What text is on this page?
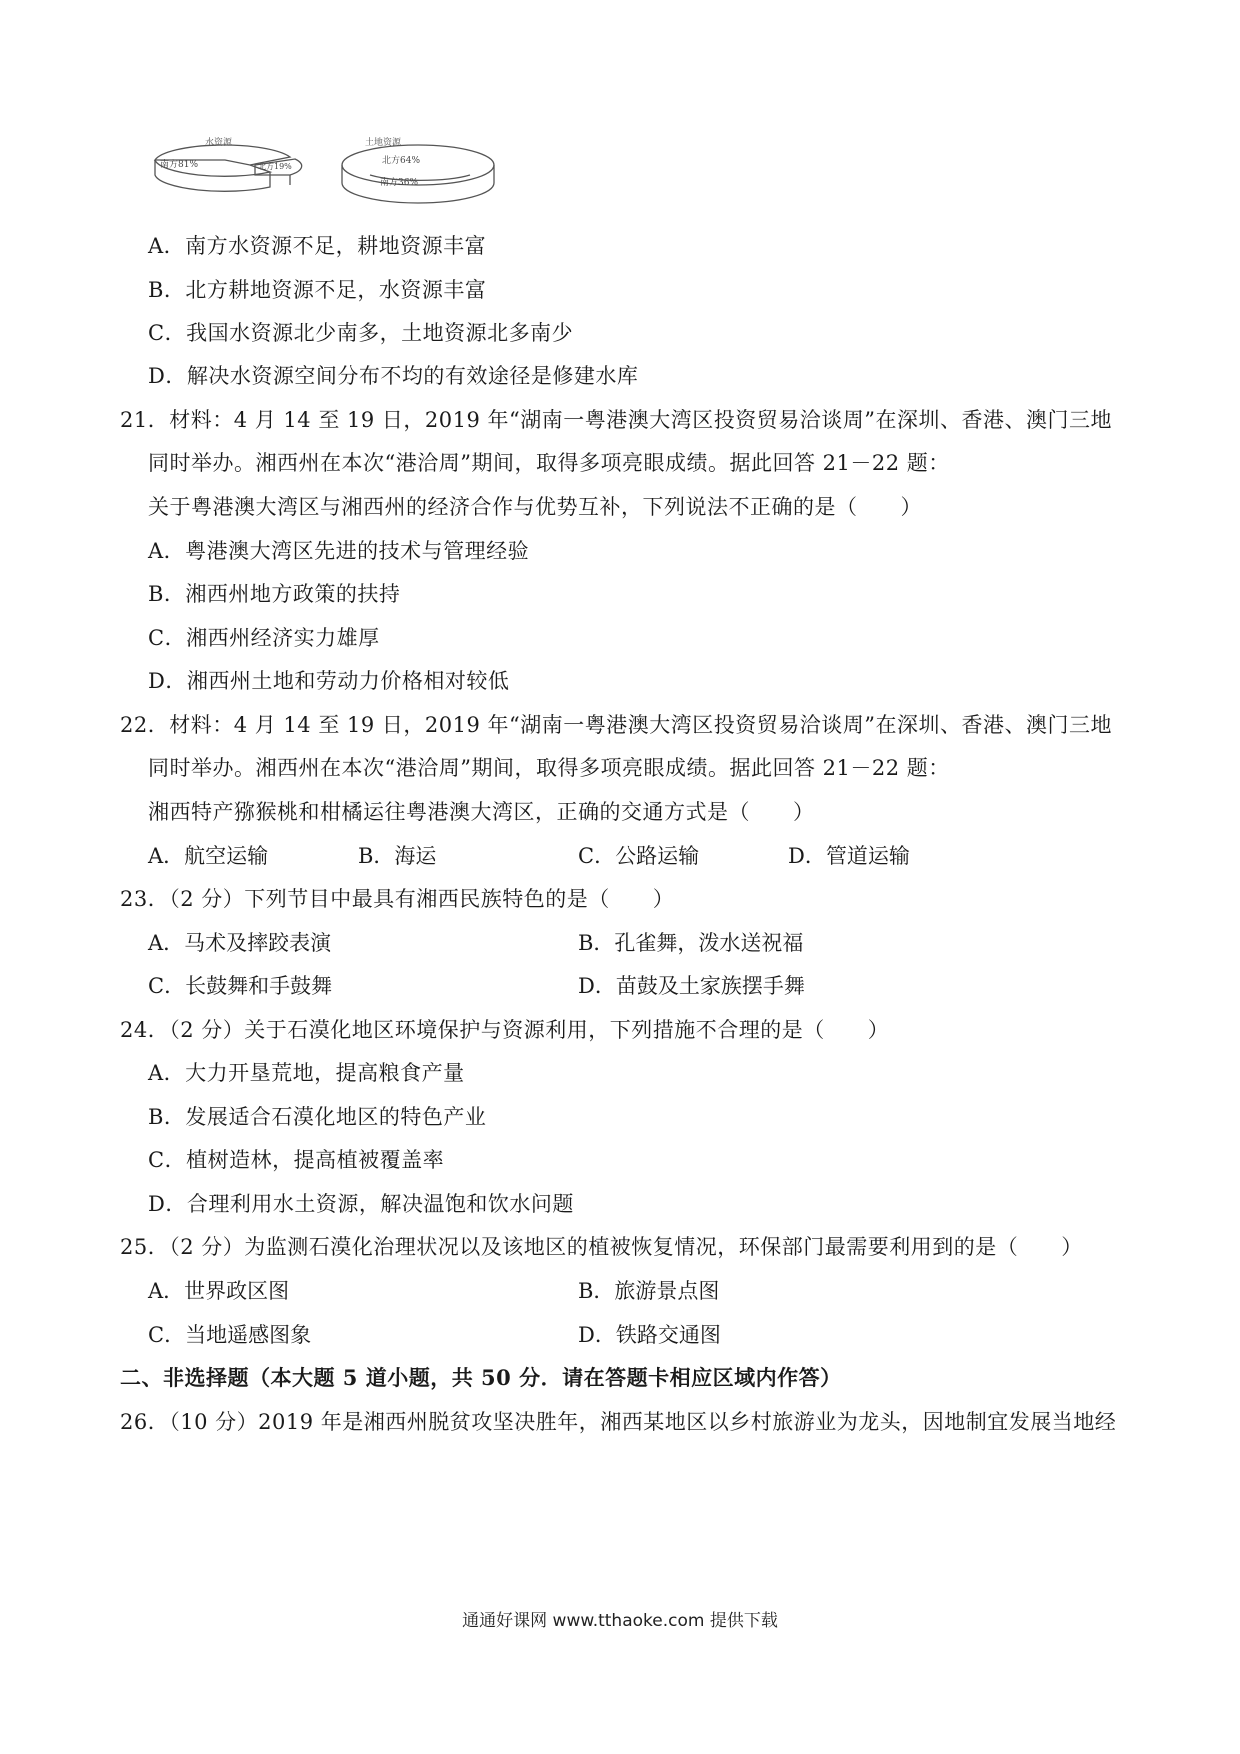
水资源
南方81%	北方19%
土地资源
北方64%
南方36%
A．南方水资源不足，耕地资源丰富
B．北方耕地资源不足，水资源丰富
C．我国水资源北少南多，土地资源北多南少
D．解决水资源空间分布不均的有效途径是修建水库
21．材料：4 月 14 至 19 日，2019 年“湖南一粤港澳大湾区投资贸易洽谈周”在深圳、香港、澳门三地
同时举办。湘西州在本次“港洽周”期间，取得多项亮眼成绩。据此回答 21－22 题：
关于粤港澳大湾区与湘西州的经济合作与优势互补，下列说法不正确的是（　　）
A．粤港澳大湾区先进的技术与管理经验
B．湘西州地方政策的扶持
C．湘西州经济实力雄厚
D．湘西州土地和劳动力价格相对较低
22．材料：4 月 14 至 19 日，2019 年“湖南一粤港澳大湾区投资贸易洽谈周”在深圳、香港、澳门三地
同时举办。湘西州在本次“港洽周”期间，取得多项亮眼成绩。据此回答 21－22 题：
湘西特产猕猴桃和柑橘运往粤港澳大湾区，正确的交通方式是（　　）
A．航空运输	B．海运	C．公路运输	D．管道运输
23．（2 分）下列节目中最具有湘西民族特色的是（　　）
A．马术及摔跤表演	B．孔雀舞，泼水送祝福
C．长鼓舞和手鼓舞	D．苗鼓及土家族摆手舞
24．（2 分）关于石漠化地区环境保护与资源利用，下列措施不合理的是（　　）
A．大力开垦荒地，提高粮食产量
B．发展适合石漠化地区的特色产业
C．植树造林，提高植被覆盖率
D．合理利用水土资源，解决温饱和饮水问题
25．（2 分）为监测石漠化治理状况以及该地区的植被恢复情况，环保部门最需要利用到的是（　　）
A．世界政区图	B．旅游景点图
C．当地遥感图象	D．铁路交通图
二、非选择题（本大题 5 道小题，共 50 分．请在答题卡相应区域内作答）
26．（10 分）2019 年是湘西州脱贫攻坚决胜年，湘西某地区以乡村旅游业为龙头，因地制宜发展当地经
通通好课网 www.tthaoke.com 提供下载
